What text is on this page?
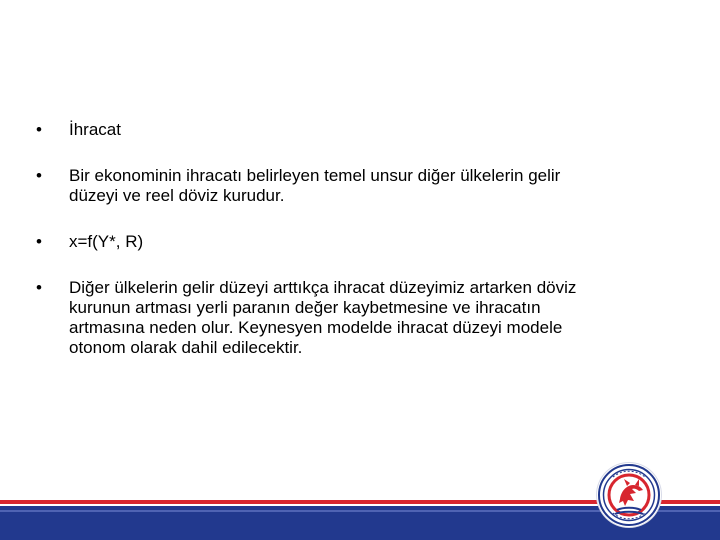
•	İhracat
•	Bir ekonominin ihracatı belirleyen temel unsur diğer ülkelerin gelir
düzeyi ve reel döviz kurudur.
•	x=f(Y*, R)
•	Diğer ülkelerin gelir düzeyi arttıkça ihracat düzeyimiz artarken döviz
kurunun artması yerli paranın değer kaybetmesine ve ihracatın
artmasına neden olur. Keynesyen modelde ihracat düzeyi modele
otonom olarak dahil edilecektir.
